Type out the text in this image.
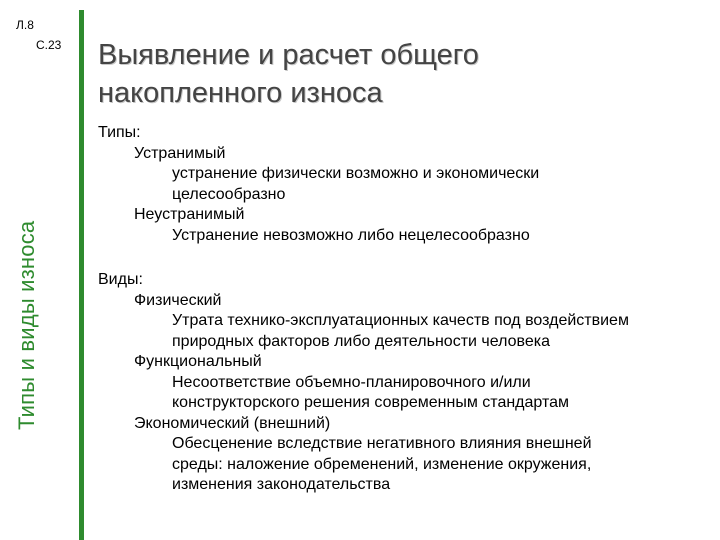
Л.8
С.23
Типы и виды износа
Выявление и расчет общего накопленного износа

Типы:

Устранимый

устранение физически возможно и экономически

целесообразно

Неустранимый

Устранение невозможно либо нецелесообразно

Виды:

Физический

Утрата технико-эксплуатационных качеств под воздействием

природных факторов либо деятельности человека

Функциональный

Несоответствие объемно-планировочного и/или

конструкторского решения современным стандартам

Экономический (внешний)

Обесценение вследствие негативного влияния внешней

среды: наложение обременений, изменение окружения,

изменения законодательства
